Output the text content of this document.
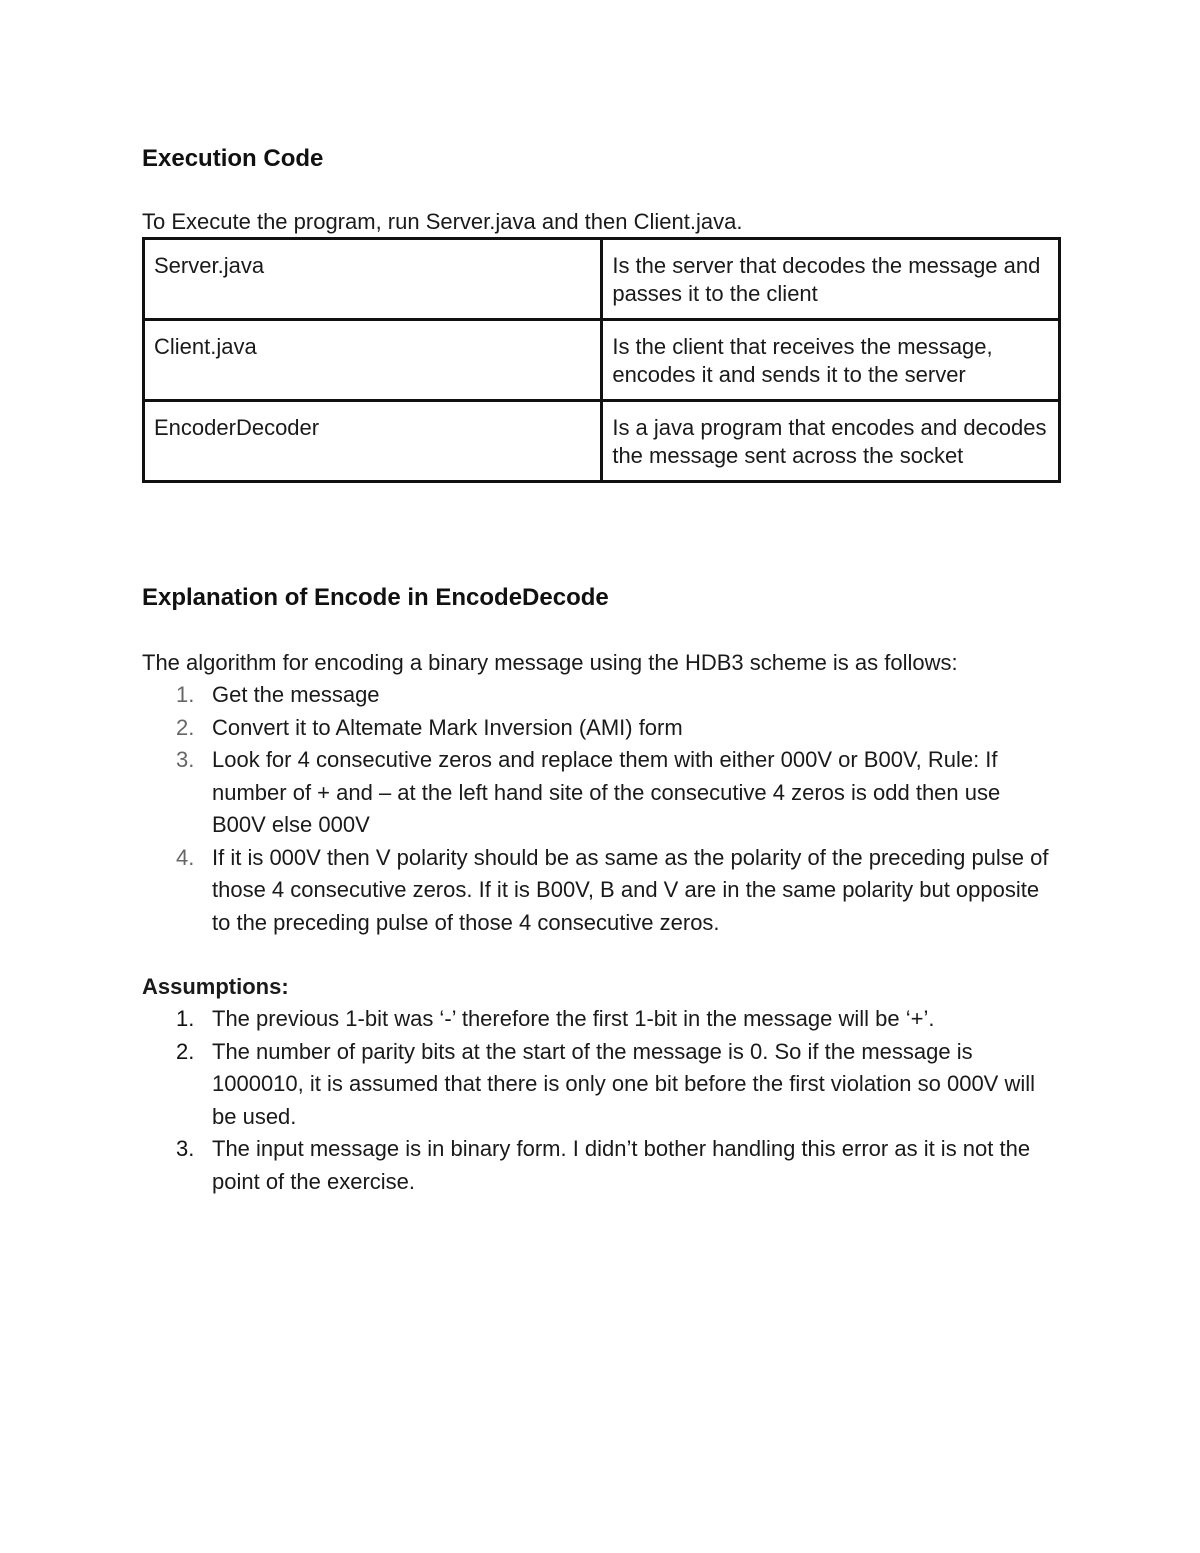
Execution Code

To Execute the program, run Server.java and then Client.java.

Server.java	Is the server that decodes the message and passes it to the client
Client.java	Is the client that receives the message, encodes it and sends it to the server
EncoderDecoder	Is a java program that encodes and decodes the message sent across the socket
Explanation of Encode in EncodeDecode

The algorithm for encoding a binary message using the HDB3 scheme is as follows:

1. Get the message
2. Convert it to Altemate Mark Inversion (AMI) form
3. Look for 4 consecutive zeros and replace them with either 000V or B00V, Rule: If number of + and – at the left hand site of the consecutive 4 zeros is odd then use B00V else 000V
4. If it is 000V then V polarity should be as same as the polarity of the preceding pulse of those 4 consecutive zeros. If it is B00V, B and V are in the same polarity but opposite to the preceding pulse of those 4 consecutive zeros.

Assumptions:

1. The previous 1-bit was ‘-’ therefore the first 1-bit in the message will be ‘+’.
2. The number of parity bits at the start of the message is 0. So if the message is 1000010, it is assumed that there is only one bit before the first violation so 000V will be used.
3. The input message is in binary form. I didn’t bother handling this error as it is not the point of the exercise.
